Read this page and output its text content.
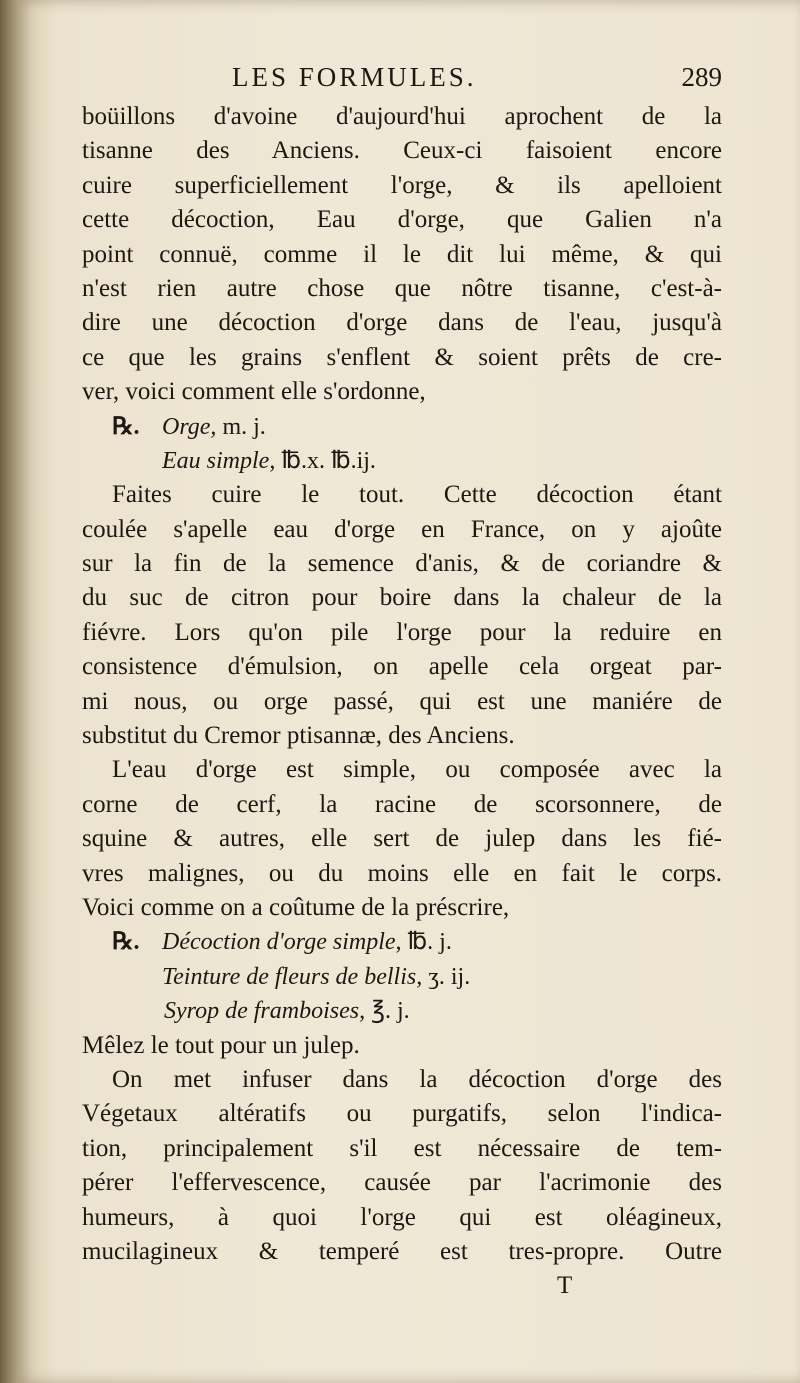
LES FORMULES.	289
boüillons d'avoine d'aujourd'hui aprochent de la
tisanne des Anciens. Ceux-ci faisoient encore
cuire superficiellement l'orge, & ils apelloient
cette décoction, Eau d'orge, que Galien n'a
point connuë, comme il le dit lui même, & qui
n'est rien autre chose que nôtre tisanne, c'est-à-
dire une décoction d'orge dans de l'eau, jusqu'à
ce que les grains s'enflent & soient prêts de cre-
ver, voici comment elle s'ordonne,
℞. Orge, m. j.
Eau simple, ℔.x. ℔.ij.
Faites cuire le tout. Cette décoction étant
coulée s'apelle eau d'orge en France, on y ajoûte
sur la fin de la semence d'anis, & de coriandre &
du suc de citron pour boire dans la chaleur de la
fiévre. Lors qu'on pile l'orge pour la reduire en
consistence d'émulsion, on apelle cela orgeat par-
mi nous, ou orge passé, qui est une maniére de
substitut du Cremor ptisannæ, des Anciens.
L'eau d'orge est simple, ou composée avec la
corne de cerf, la racine de scorsonnere, de
squine & autres, elle sert de julep dans les fié-
vres malignes, ou du moins elle en fait le corps.
Voici comme on a coûtume de la préscrire,
℞. Décoction d'orge simple, ℔. j.
Teinture de fleurs de bellis, ʒ. ij.
Syrop de framboises, ℥. j.
Mêlez le tout pour un julep.
On met infuser dans la décoction d'orge des
Végetaux altératifs ou purgatifs, selon l'indica-
tion, principalement s'il est nécessaire de tem-
pérer l'effervescence, causée par l'acrimonie des
humeurs, à quoi l'orge qui est oléagineux,
mucilagineux & temperé est tres-propre. Outre
T
